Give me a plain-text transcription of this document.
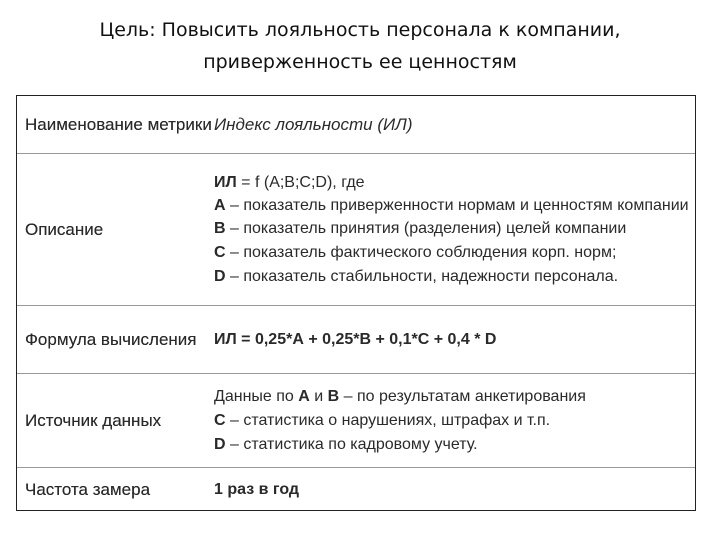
Цель: Повысить лояльность персонала к компании,
приверженность ее ценностям
Наименование метрики Индекс лояльности (ИЛ)
Описание
ИЛ = f (A;B;C;D), где
А – показатель приверженности нормам и ценностям компании
В – показатель принятия (разделения) целей компании
С – показатель фактического соблюдения корп. норм;
D – показатель стабильности, надежности персонала.
Формула вычисления	ИЛ = 0,25*А + 0,25*В + 0,1*С + 0,4 * D
Источник данных
Данные по А и В – по результатам анкетирования
С – статистика о нарушениях, штрафах и т.п.
D – статистика по кадровому учету.
Частота замера	1 раз в год
